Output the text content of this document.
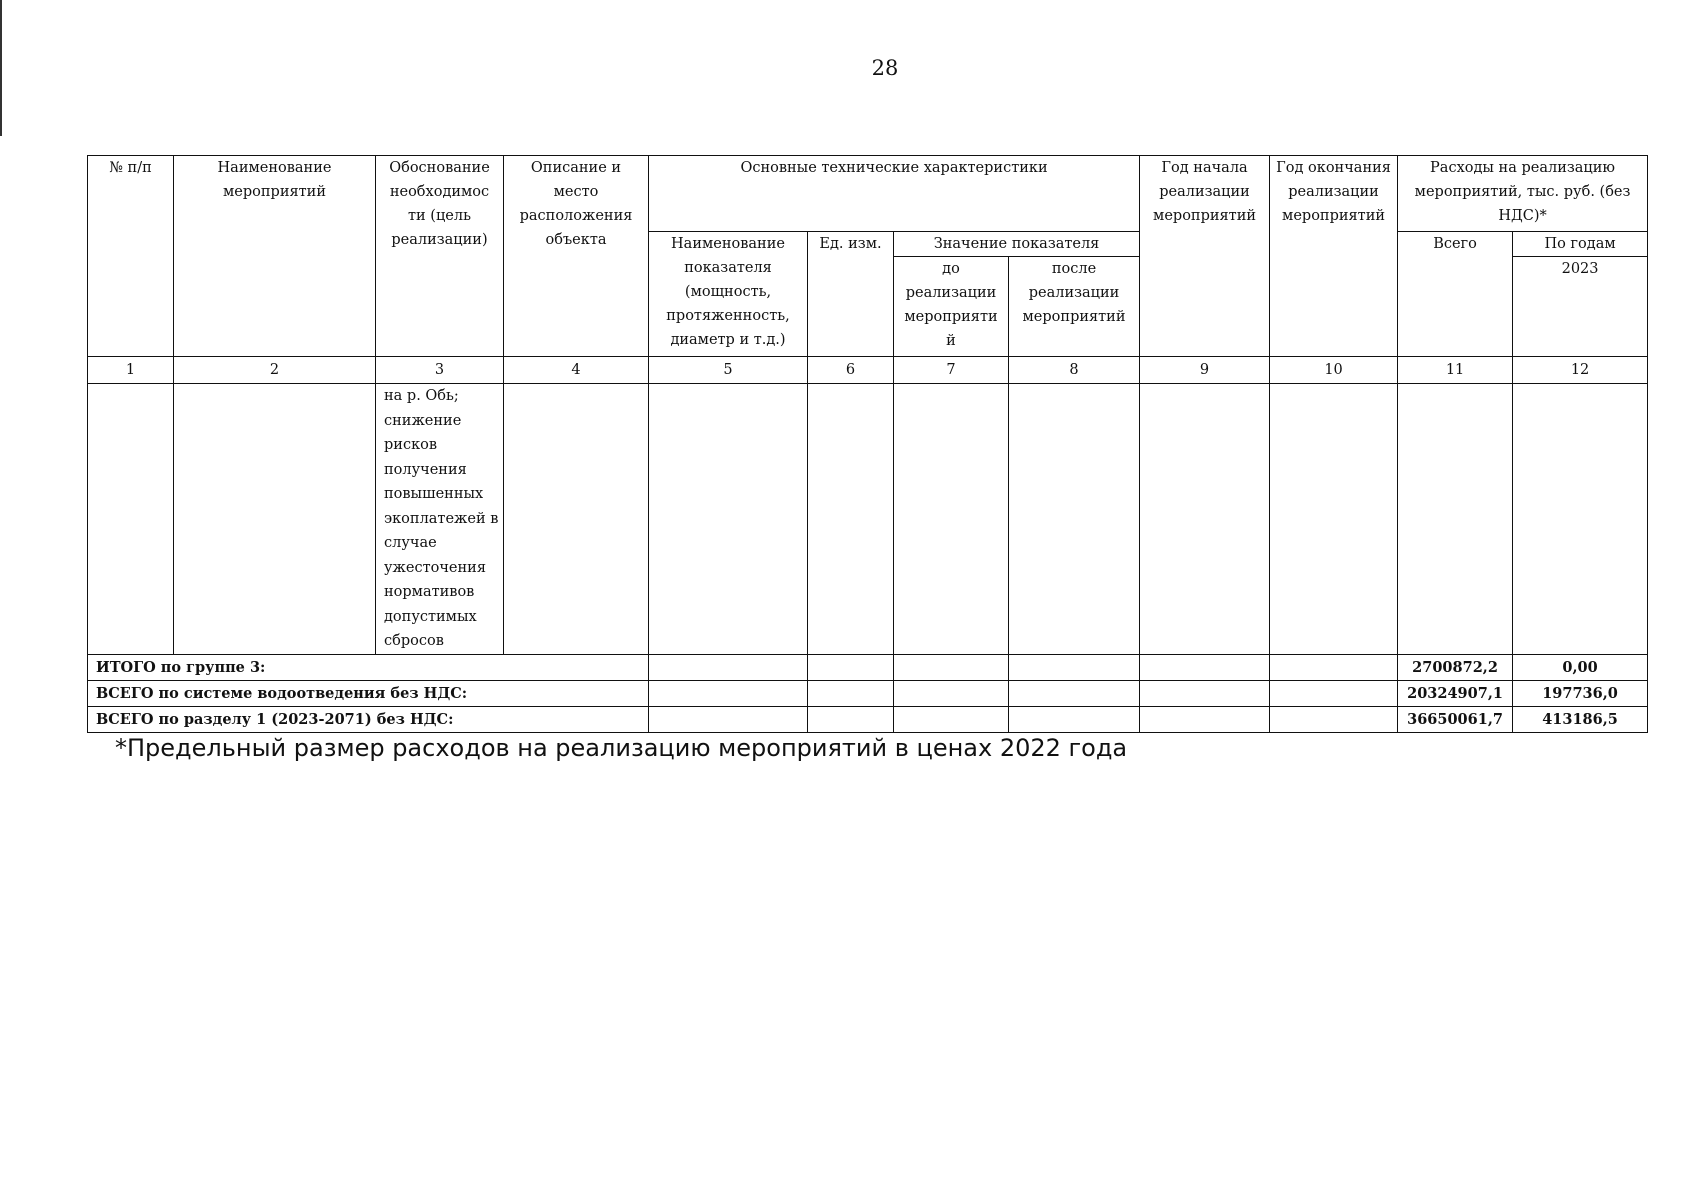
28
№ п/п	Наименование мероприятий	Обоснование необходимос ти (цель реализации)	Описание и место расположения объекта	Основные технические характеристики				Год начала реализации мероприятий	Год окончания реализации мероприятий	Расходы на реализацию мероприятий, тыс. руб. (без НДС)*	
				Наименование показателя (мощность, протяженность, диаметр и т.д.)	Ед. изм.	Значение показателя				Всего	По годам
						до реализации мероприяти й	после реализации мероприятий				2023
1	2	3	4	5	6	7	8	9	10	11	12
		на р. Обь; снижение рисков получения повышенных экоплатежей в случае ужесточения нормативов допустимых сбросов									
ИТОГО по группе 3:										2700872,2	0,00
ВСЕГО по системе водоотведения без НДС:										20324907,1	197736,0
ВСЕГО по разделу 1 (2023-2071) без НДС:										36650061,7	413186,5
*Предельный размер расходов на реализацию мероприятий в ценах 2022 года
